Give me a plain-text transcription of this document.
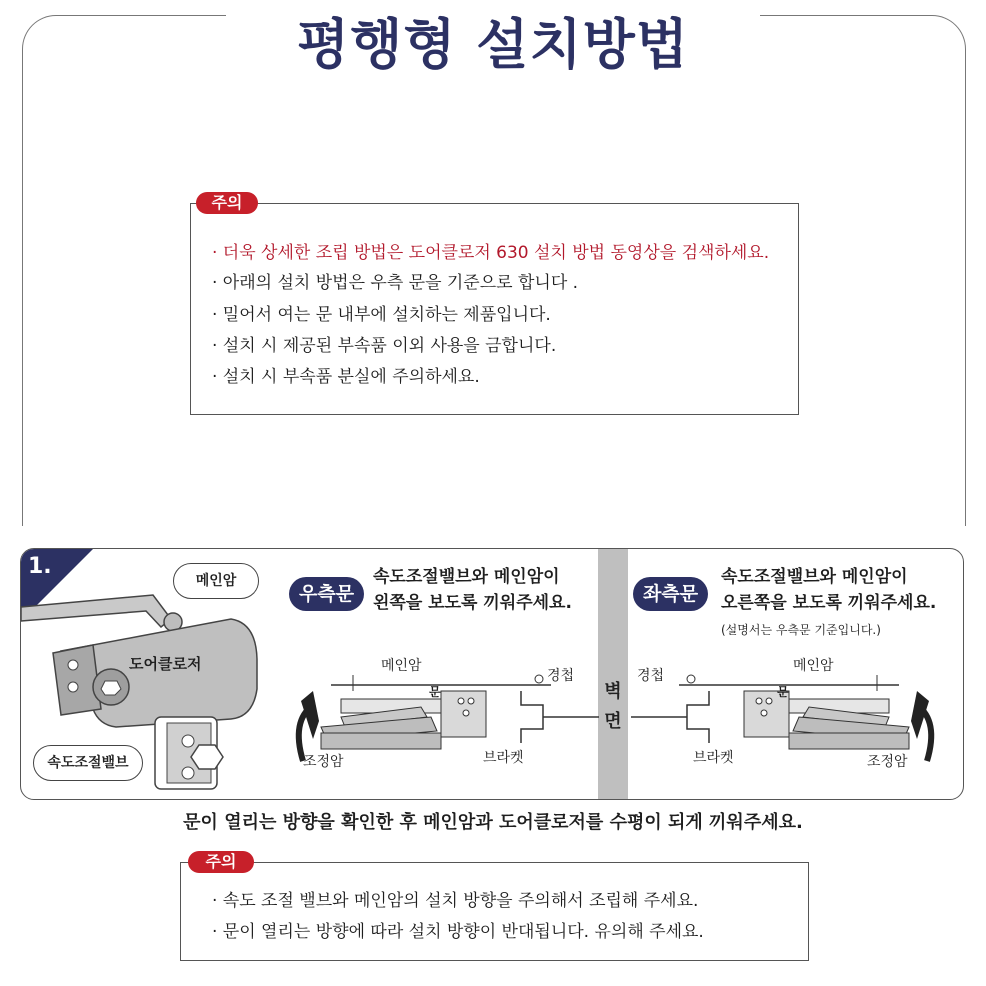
평행형 설치방법
주의
· 더욱 상세한 조립 방법은 도어클로저 630 설치 방법 동영상을 검색하세요.
· 아래의 설치 방법은 우측 문을 기준으로 합니다 .
· 밀어서 여는 문 내부에 설치하는 제품입니다.
· 설치 시 제공된 부속품 이외 사용을 금합니다.
· 설치 시 부속품 분실에 주의하세요.
1.
도어클로저
메인암
속도조절밸브
우측문
속도조절밸브와 메인암이
왼쪽을 보도록 끼워주세요.
벽
면
메인암
문
경첩
조정암	브라켓
좌측문
속도조절밸브와 메인암이
오른쪽을 보도록 끼워주세요.
(설명서는 우측문 기준입니다.)
경첩
메인암
문
브라켓	조정암
문이 열리는 방향을 확인한 후 메인암과 도어클로저를 수평이 되게 끼워주세요.
주의
· 속도 조절 밸브와 메인암의 설치 방향을 주의해서 조립해 주세요.
· 문이 열리는 방향에 따라 설치 방향이 반대됩니다. 유의해 주세요.
